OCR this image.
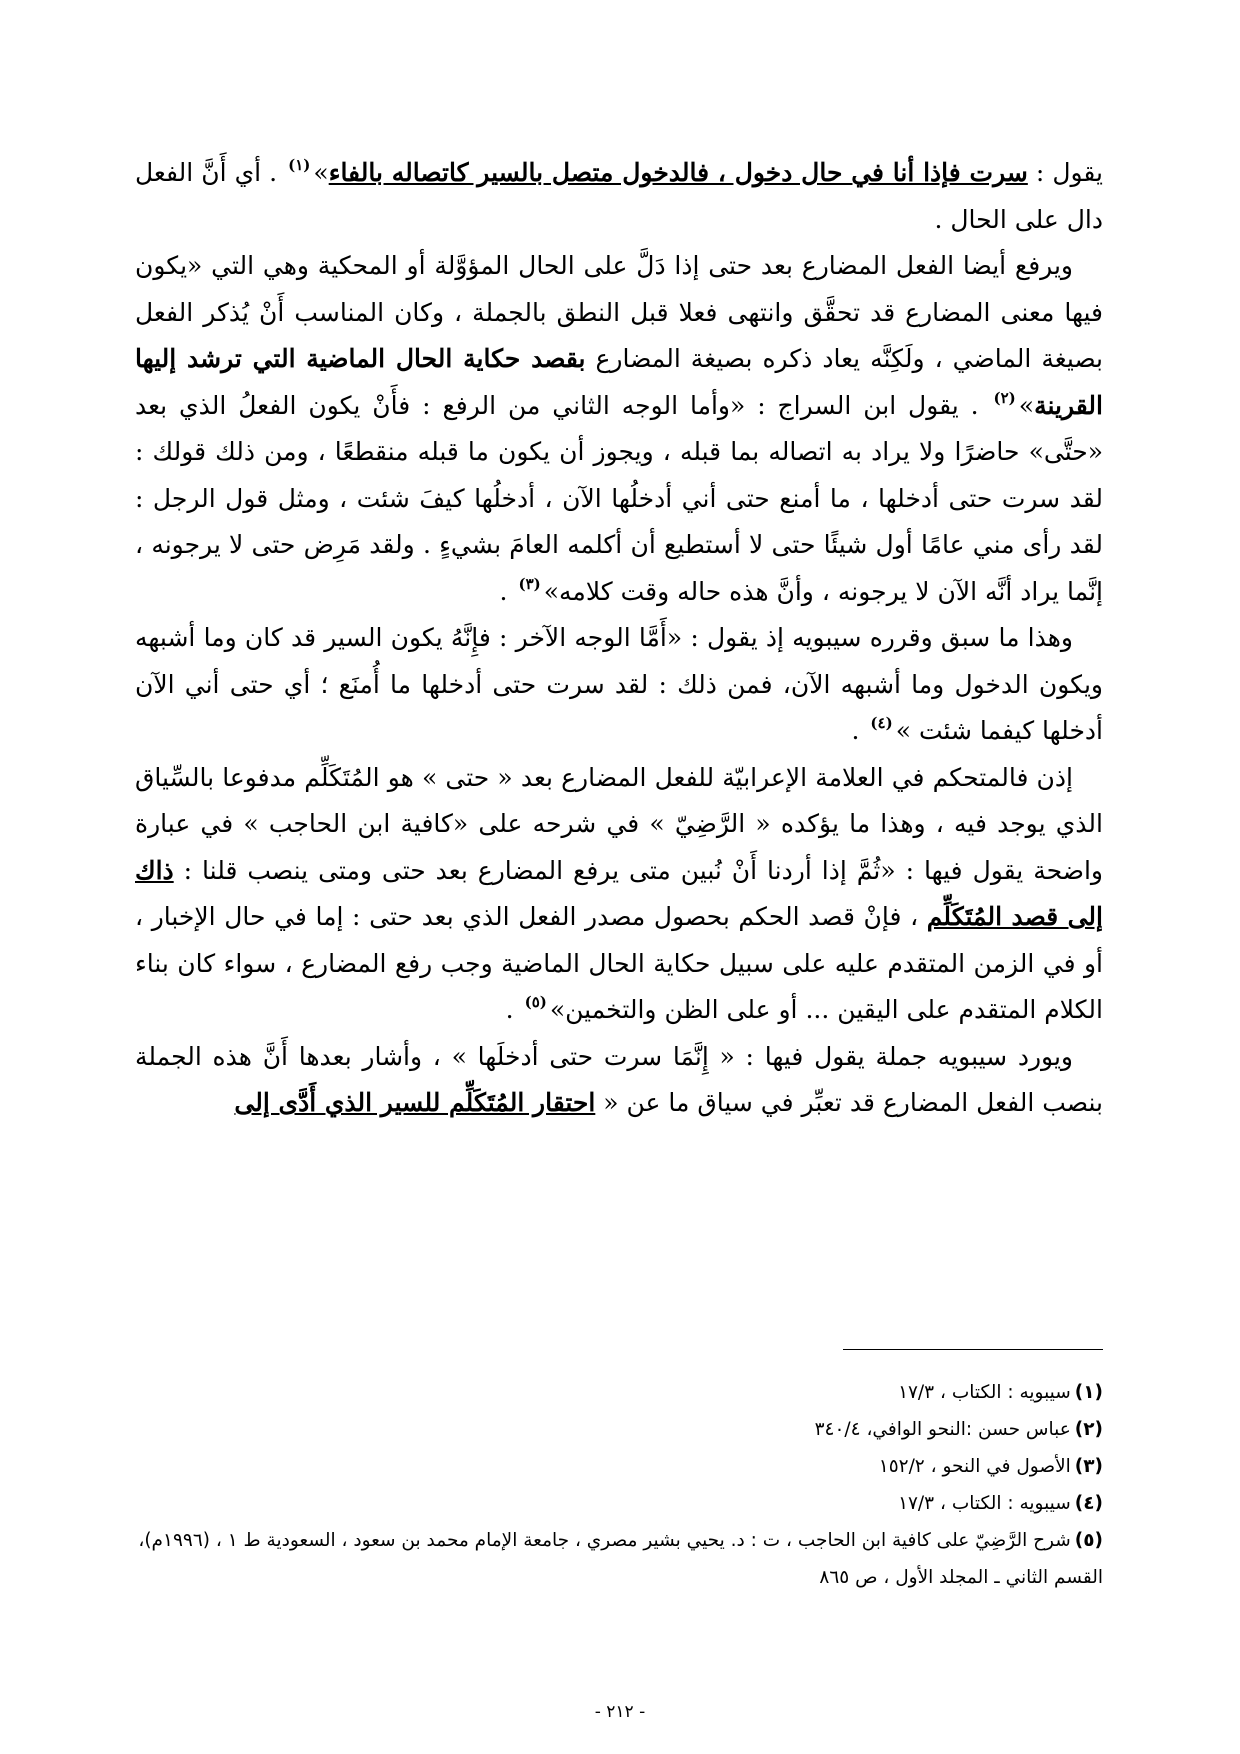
يقول : سرت فإذا أنا في حال دخول ، فالدخول متصل بالسير كاتصاله بالفاء»$^{(١)}$ . أي أَنَّ الفعل دال على الحال .

ويرفع أيضا الفعل المضارع بعد حتى إذا دَلَّ على الحال المؤوَّلة أو المحكية وهي التي «يكون فيها معنى المضارع قد تحقَّق وانتهى فعلا قبل النطق بالجملة ، وكان المناسب أَنْ يُذكر الفعل بصيغة الماضي ، ولَكِنَّه يعاد ذكره بصيغة المضارع بقصد حكاية الحال الماضية التي ترشد إليها القرينة»$^{(٢)}$ . يقول ابن السراج : «وأما الوجه الثاني من الرفع : فأَنْ يكون الفعلُ الذي بعد «حتَّى» حاضرًا ولا يراد به اتصاله بما قبله ، ويجوز أن يكون ما قبله منقطعًا ، ومن ذلك قولك : لقد سرت حتى أدخلها ، ما أمنع حتى أني أدخلُها الآن ، أدخلُها كيفَ شئت ، ومثل قول الرجل : لقد رأى مني عامًا أول شيئًا حتى لا أستطيع أن أكلمه العامَ بشيءٍ . ولقد مَرِض حتى لا يرجونه ، إنَّما يراد أنَّه الآن لا يرجونه ، وأنَّ هذه حاله وقت كلامه»$^{(٣)}$ .

وهذا ما سبق وقرره سيبويه إذ يقول : «أَمَّا الوجه الآخر : فإِنَّهُ يكون السير قد كان وما أشبهه ويكون الدخول وما أشبهه الآن، فمن ذلك : لقد سرت حتى أدخلها ما أُمنَع ؛ أي حتى أني الآن أدخلها كيفما شئت »$^{(٤)}$ .

إذن فالمتحكم في العلامة الإعرابيّة للفعل المضارع بعد « حتى » هو المُتَكَلِّم مدفوعا بالسِّياق الذي يوجد فيه ، وهذا ما يؤكده « الرَّضِيّ » في شرحه على «كافية ابن الحاجب » في عبارة واضحة يقول فيها : «ثُمَّ إذا أردنا أَنْ نُبين متى يرفع المضارع بعد حتى ومتى ينصب قلنا : ذاك إلى قصد المُتَكَلِّم ، فإنْ قصد الحكم بحصول مصدر الفعل الذي بعد حتى : إما في حال الإخبار ، أو في الزمن المتقدم عليه على سبيل حكاية الحال الماضية وجب رفع المضارع ، سواء كان بناء الكلام المتقدم على اليقين ... أو على الظن والتخمين»$^{(٥)}$ .

ويورد سيبويه جملة يقول فيها : « إِنَّمَا سرت حتى أدخلَها » ، وأشار بعدها أَنَّ هذه الجملة بنصب الفعل المضارع قد تعبِّر في سياق ما عن « احتقار المُتَكَلِّم للسير الذي أَدَّى إلى

(١)سيبويه : الكتاب ، ١٧/٣

(٢)عباس حسن :النحو الوافي، ٣٤٠/٤

(٣)الأصول في النحو ، ١٥٢/٢

(٤)سيبويه : الكتاب ، ١٧/٣

(٥)شرح الرَّضِيّ على كافية ابن الحاجب ، ت : د. يحيي بشير مصري ، جامعة الإمام محمد بن سعود ، السعودية ط ١ ، (١٩٩٦م)، القسم الثاني ـ المجلد الأول ، ص ٨٦٥

- ٢١٢ -
